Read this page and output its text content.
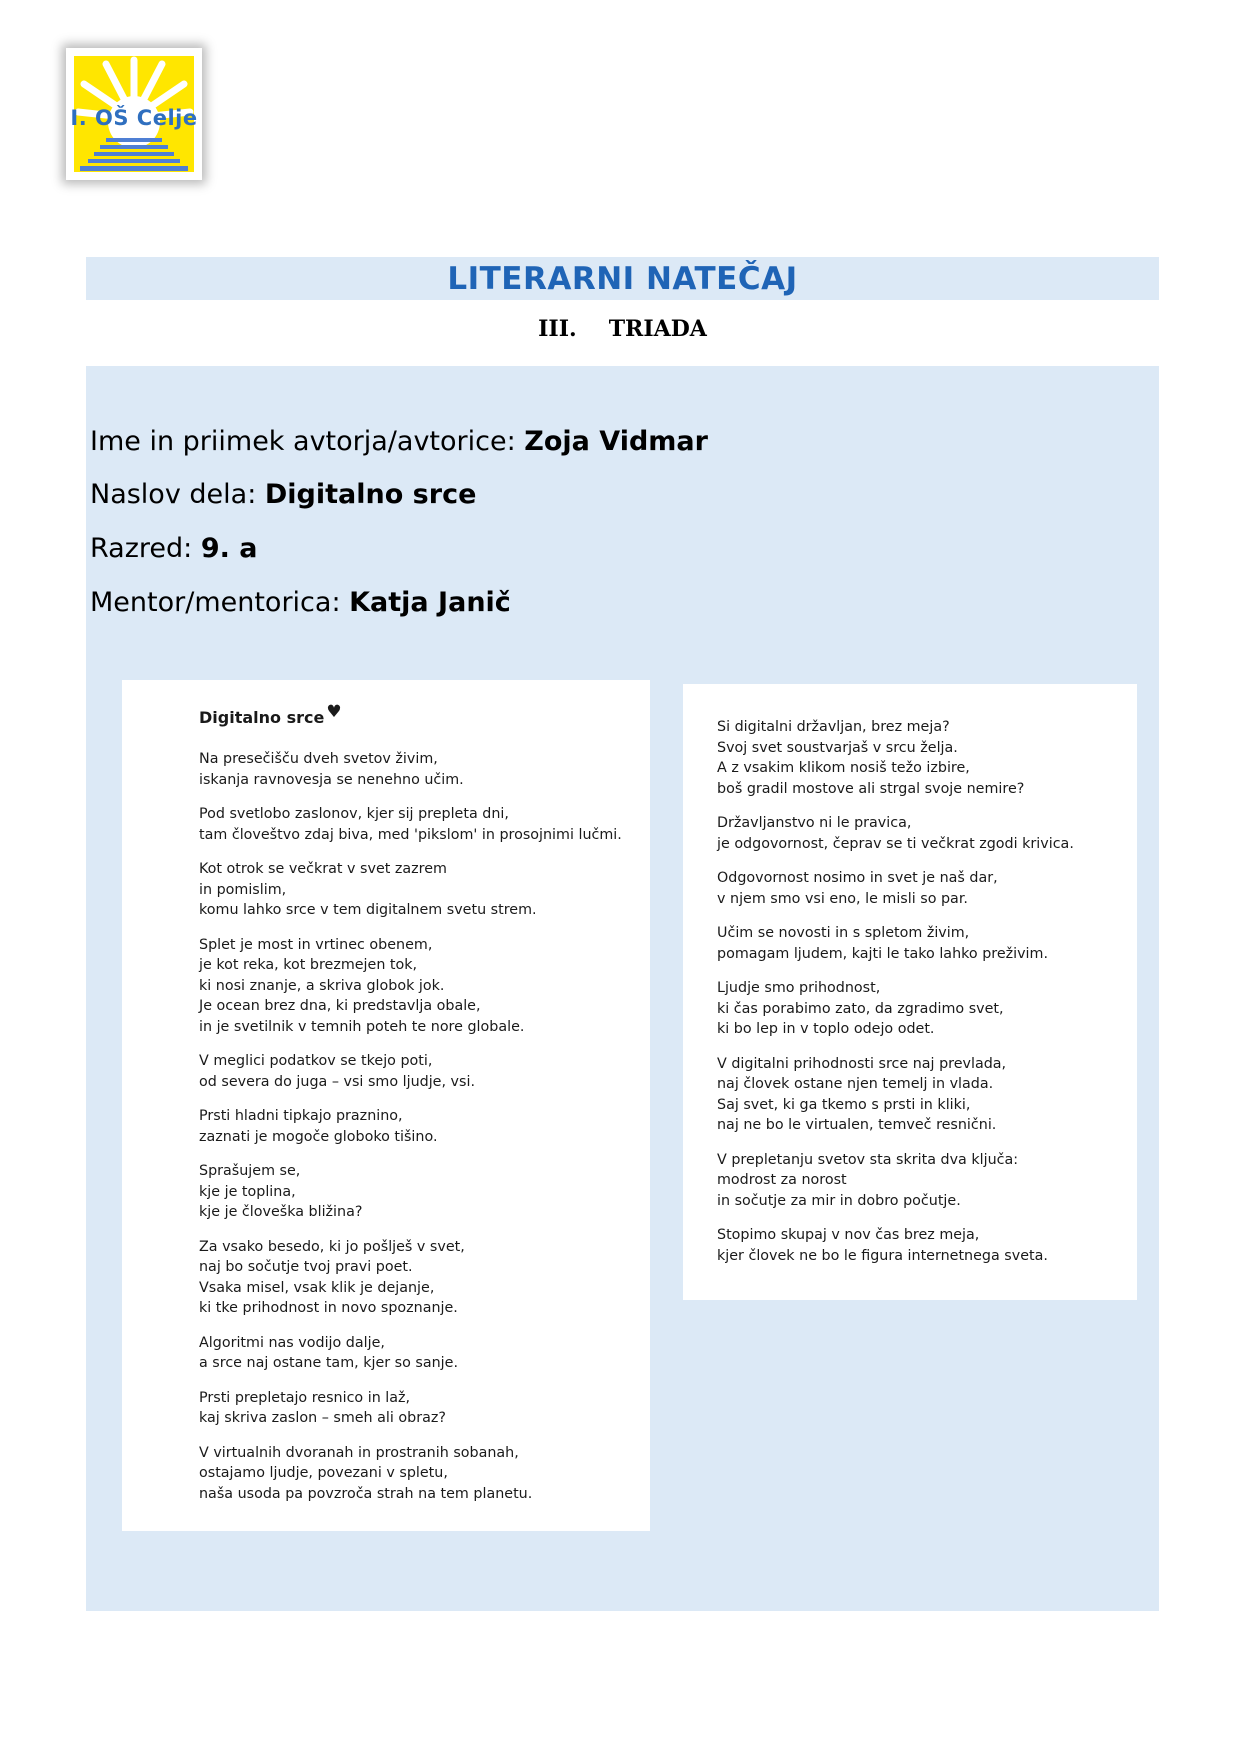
I. OŠ Celje
LITERARNI NATEČAJ
III. TRIADA
Ime in priimek avtorja/avtorice: Zoja Vidmar
Naslov dela: Digitalno srce
Razred: 9. a
Mentor/mentorica: Katja Janič
Digitalno srce ♥
Na presečišču dveh svetov živim,
iskanja ravnovesja se nenehno učim.
Pod svetlobo zaslonov, kjer sij prepleta dni,
tam človeštvo zdaj biva, med 'pikslom' in prosojnimi lučmi.
Kot otrok se večkrat v svet zazrem
in pomislim,
komu lahko srce v tem digitalnem svetu strem.
Splet je most in vrtinec obenem,
je kot reka, kot brezmejen tok,
ki nosi znanje, a skriva globok jok.
Je ocean brez dna, ki predstavlja obale,
in je svetilnik v temnih poteh te nore globale.
V meglici podatkov se tkejo poti,
od severa do juga – vsi smo ljudje, vsi.
Prsti hladni tipkajo praznino,
zaznati je mogoče globoko tišino.
Sprašujem se,
kje je toplina,
kje je človeška bližina?
Za vsako besedo, ki jo pošlješ v svet,
naj bo sočutje tvoj pravi poet.
Vsaka misel, vsak klik je dejanje,
ki tke prihodnost in novo spoznanje.
Algoritmi nas vodijo dalje,
a srce naj ostane tam, kjer so sanje.
Prsti prepletajo resnico in laž,
kaj skriva zaslon – smeh ali obraz?
V virtualnih dvoranah in prostranih sobanah,
ostajamo ljudje, povezani v spletu,
naša usoda pa povzroča strah na tem planetu.
Si digitalni državljan, brez meja?
Svoj svet soustvarjaš v srcu želja.
A z vsakim klikom nosiš težo izbire,
boš gradil mostove ali strgal svoje nemire?
Državljanstvo ni le pravica,
je odgovornost, čeprav se ti večkrat zgodi krivica.
Odgovornost nosimo in svet je naš dar,
v njem smo vsi eno, le misli so par.
Učim se novosti in s spletom živim,
pomagam ljudem, kajti le tako lahko preživim.
Ljudje smo prihodnost,
ki čas porabimo zato, da zgradimo svet,
ki bo lep in v toplo odejo odet.
V digitalni prihodnosti srce naj prevlada,
naj človek ostane njen temelj in vlada.
Saj svet, ki ga tkemo s prsti in kliki,
naj ne bo le virtualen, temveč resnični.
V prepletanju svetov sta skrita dva ključa:
modrost za norost
in sočutje za mir in dobro počutje.
Stopimo skupaj v nov čas brez meja,
kjer človek ne bo le figura internetnega sveta.
